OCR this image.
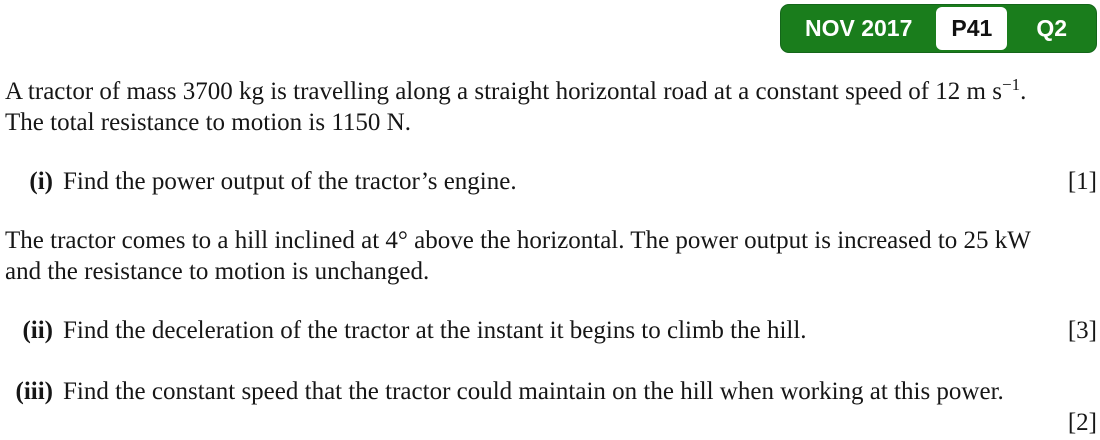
NOV 2017	P41	Q2

A tractor of mass 3700 kg is travelling along a straight horizontal road at a constant speed of 12 m $s^{-1}$.
The total resistance to motion is 1150 N.

(i) Find the power output of the tractor’s engine.	[1]

The tractor comes to a hill inclined at 4° above the horizontal. The power output is increased to 25 kW
and the resistance to motion is unchanged.

(ii) Find the deceleration of the tractor at the instant it begins to climb the hill.	[3]
(iii) Find the constant speed that the tractor could maintain on the hill when working at this power.
[2]
